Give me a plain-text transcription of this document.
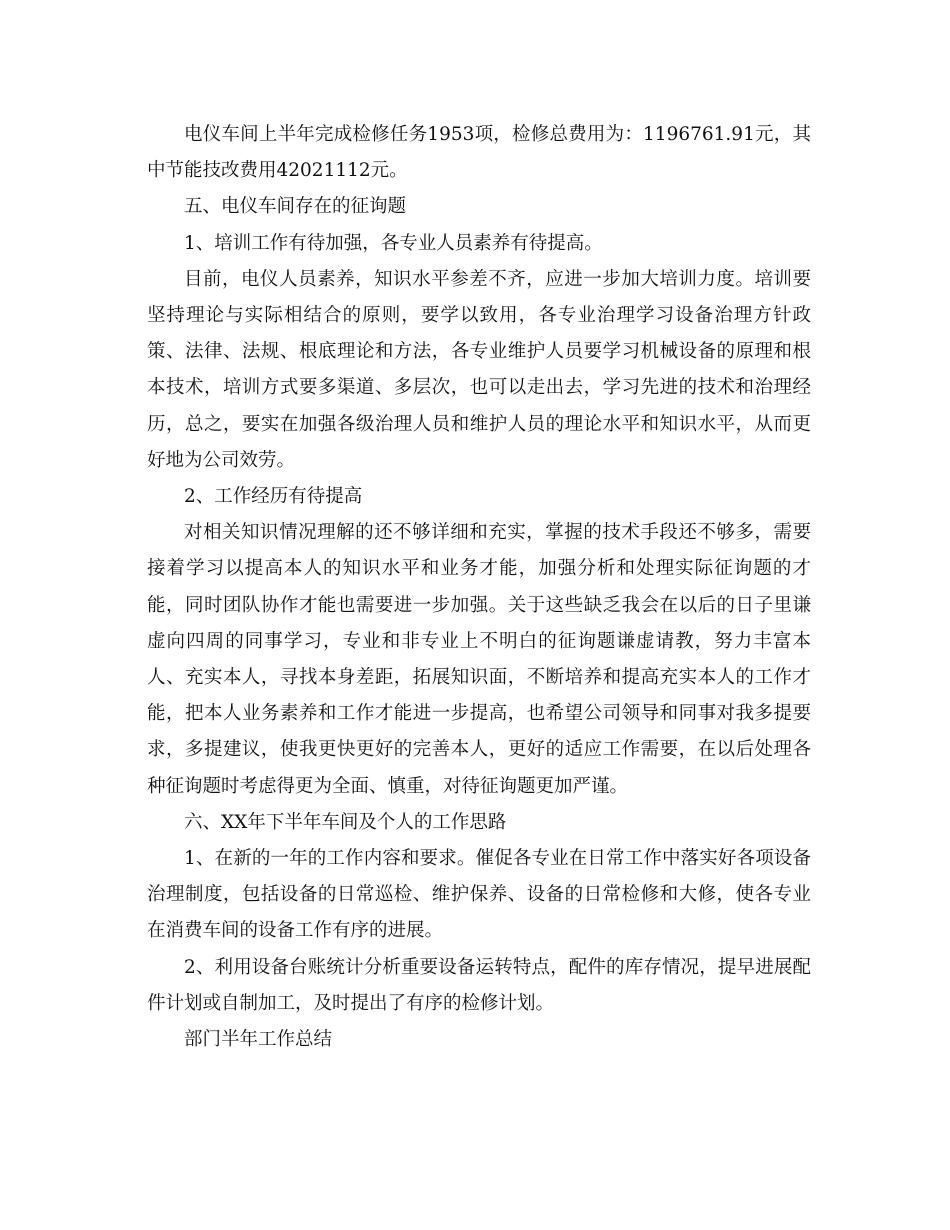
电仪车间上半年完成检修任务1953项，检修总费用为：1196761.91元，其中节能技改费用42021112元。

五、电仪车间存在的征询题

1、培训工作有待加强，各专业人员素养有待提高。

目前，电仪人员素养，知识水平参差不齐，应进一步加大培训力度。培训要坚持理论与实际相结合的原则，要学以致用，各专业治理学习设备治理方针政策、法律、法规、根底理论和方法，各专业维护人员要学习机械设备的原理和根本技术，培训方式要多渠道、多层次，也可以走出去，学习先进的技术和治理经历，总之，要实在加强各级治理人员和维护人员的理论水平和知识水平，从而更好地为公司效劳。

2、工作经历有待提高

对相关知识情况理解的还不够详细和充实，掌握的技术手段还不够多，需要接着学习以提高本人的知识水平和业务才能，加强分析和处理实际征询题的才能，同时团队协作才能也需要进一步加强。关于这些缺乏我会在以后的日子里谦虚向四周的同事学习，专业和非专业上不明白的征询题谦虚请教，努力丰富本人、充实本人，寻找本身差距，拓展知识面，不断培养和提高充实本人的工作才能，把本人业务素养和工作才能进一步提高，也希望公司领导和同事对我多提要求，多提建议，使我更快更好的完善本人，更好的适应工作需要，在以后处理各种征询题时考虑得更为全面、慎重，对待征询题更加严谨。

六、XX年下半年车间及个人的工作思路

1、在新的一年的工作内容和要求。催促各专业在日常工作中落实好各项设备治理制度，包括设备的日常巡检、维护保养、设备的日常检修和大修，使各专业在消费车间的设备工作有序的进展。

2、利用设备台账统计分析重要设备运转特点，配件的库存情况，提早进展配件计划或自制加工，及时提出了有序的检修计划。

部门半年工作总结
